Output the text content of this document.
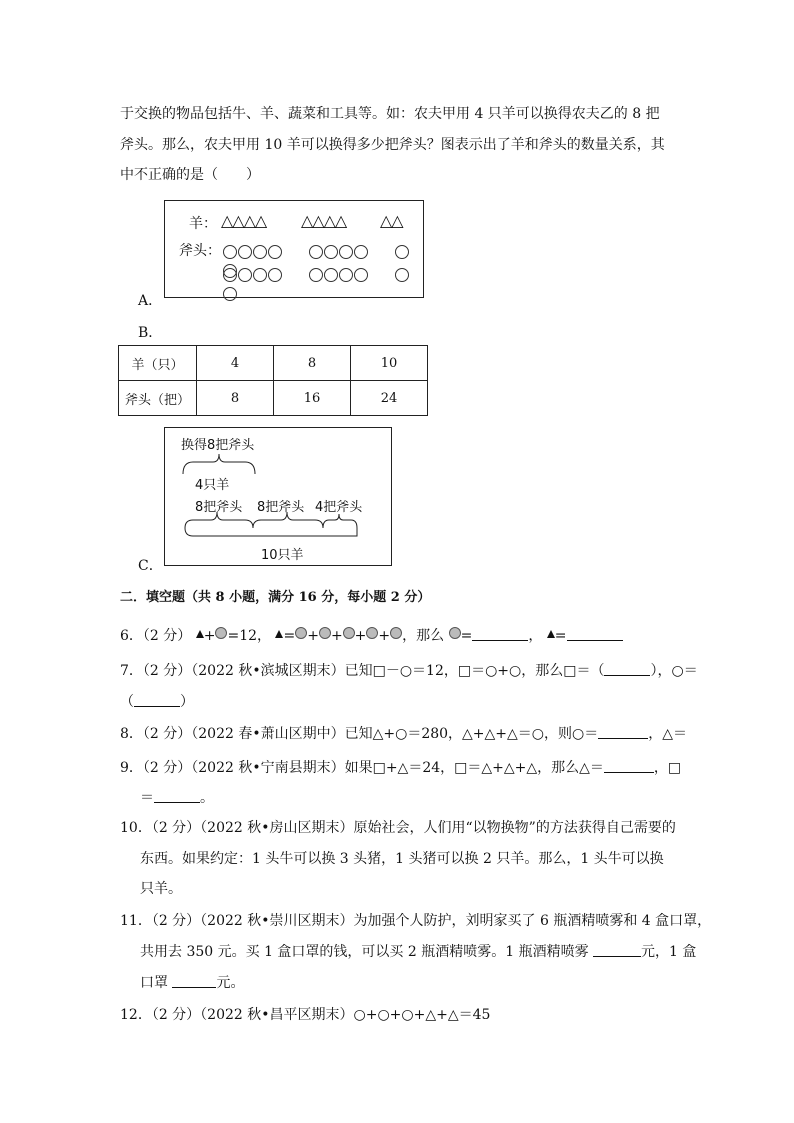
于交换的物品包括牛、羊、蔬菜和工具等。如：农夫甲用 4 只羊可以换得农夫乙的 8 把
斧头。那么，农夫甲用 10 羊可以换得多少把斧头？图表示出了羊和斧头的数量关系，其
中不正确的是（　　）
A．
羊： △△△△ △△△△ △△
斧头：

B．
羊（只）	4	8	10
斧头（把）	8	16	24
C．
换得8把斧头
4只羊
8把斧头 8把斧头 4把斧头
10只羊
二．填空题（共 8 小题，满分 16 分，每小题 2 分）
6．（2 分） + =12， = + + + + ，那么 =	， =
7．（2 分）（2022 秋•滨城区期末）已知□－○＝12，□＝○+○，那么□＝（	），○＝
（	）
8．（2 分）（2022 春•萧山区期中）已知△+○＝280，△+△+△＝○，则○＝	，△＝
9．（2 分）（2022 秋•宁南县期末）如果□+△＝24，□＝△+△+△，那么△＝	，□
＝	。
10．（2 分）（2022 秋•房山区期末）原始社会，人们用“以物换物”的方法获得自己需要的
东西。如果约定：1 头牛可以换 3 头猪，1 头猪可以换 2 只羊。那么，1 头牛可以换
只羊。
11．（2 分）（2022 秋•崇川区期末）为加强个人防护，刘明家买了 6 瓶酒精喷雾和 4 盒口罩，
共用去 350 元。买 1 盒口罩的钱，可以买 2 瓶酒精喷雾。1 瓶酒精喷雾	元，1 盒
口罩	元。
12．（2 分）（2022 秋•昌平区期末）○+○+○+△+△＝45
